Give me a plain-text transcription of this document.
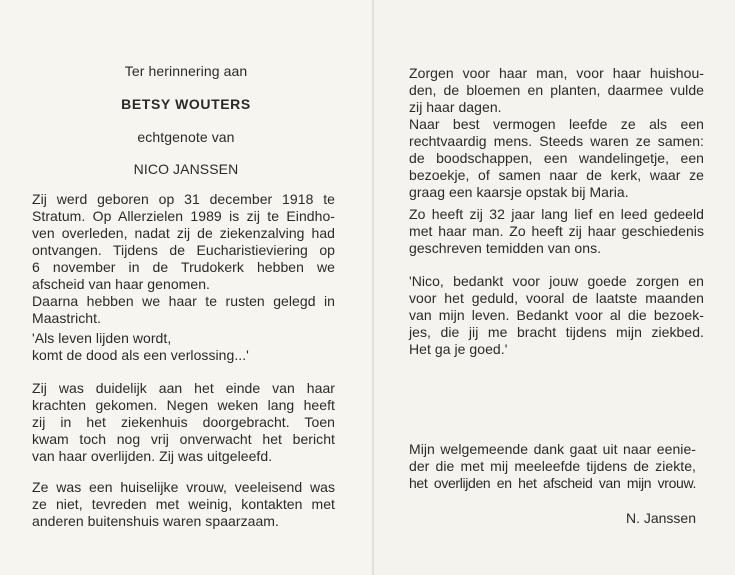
Ter herinnering aan
BETSY WOUTERS
echtgenote van
NICO JANSSEN
Zij werd geboren op 31 december 1918 te
Stratum. Op Allerzielen 1989 is zij te Eindho-
ven overleden, nadat zij de ziekenzalving had
ontvangen. Tijdens de Eucharistieviering op
6 november in de Trudokerk hebben we
afscheid van haar genomen.
Daarna hebben we haar te rusten gelegd in
Maastricht.
'Als leven lijden wordt,
komt de dood als een verlossing...'
Zij was duidelijk aan het einde van haar
krachten gekomen. Negen weken lang heeft
zij in het ziekenhuis doorgebracht. Toen
kwam toch nog vrij onverwacht het bericht
van haar overlijden. Zij was uitgeleefd.
Ze was een huiselijke vrouw, veeleisend was
ze niet, tevreden met weinig, kontakten met
anderen buitenshuis waren spaarzaam.
Zorgen voor haar man, voor haar huishou-
den, de bloemen en planten, daarmee vulde
zij haar dagen.
Naar best vermogen leefde ze als een
rechtvaardig mens. Steeds waren ze samen:
de boodschappen, een wandelingetje, een
bezoekje, of samen naar de kerk, waar ze
graag een kaarsje opstak bij Maria.
Zo heeft zij 32 jaar lang lief en leed gedeeld
met haar man. Zo heeft zij haar geschiedenis
geschreven temidden van ons.
'Nico, bedankt voor jouw goede zorgen en
voor het geduld, vooral de laatste maanden
van mijn leven. Bedankt voor al die bezoek-
jes, die jij me bracht tijdens mijn ziekbed.
Het ga je goed.'
Mijn welgemeende dank gaat uit naar eenie-
der die met mij meeleefde tijdens de ziekte,
het overlijden en het afscheid van mijn vrouw.
N. Janssen
